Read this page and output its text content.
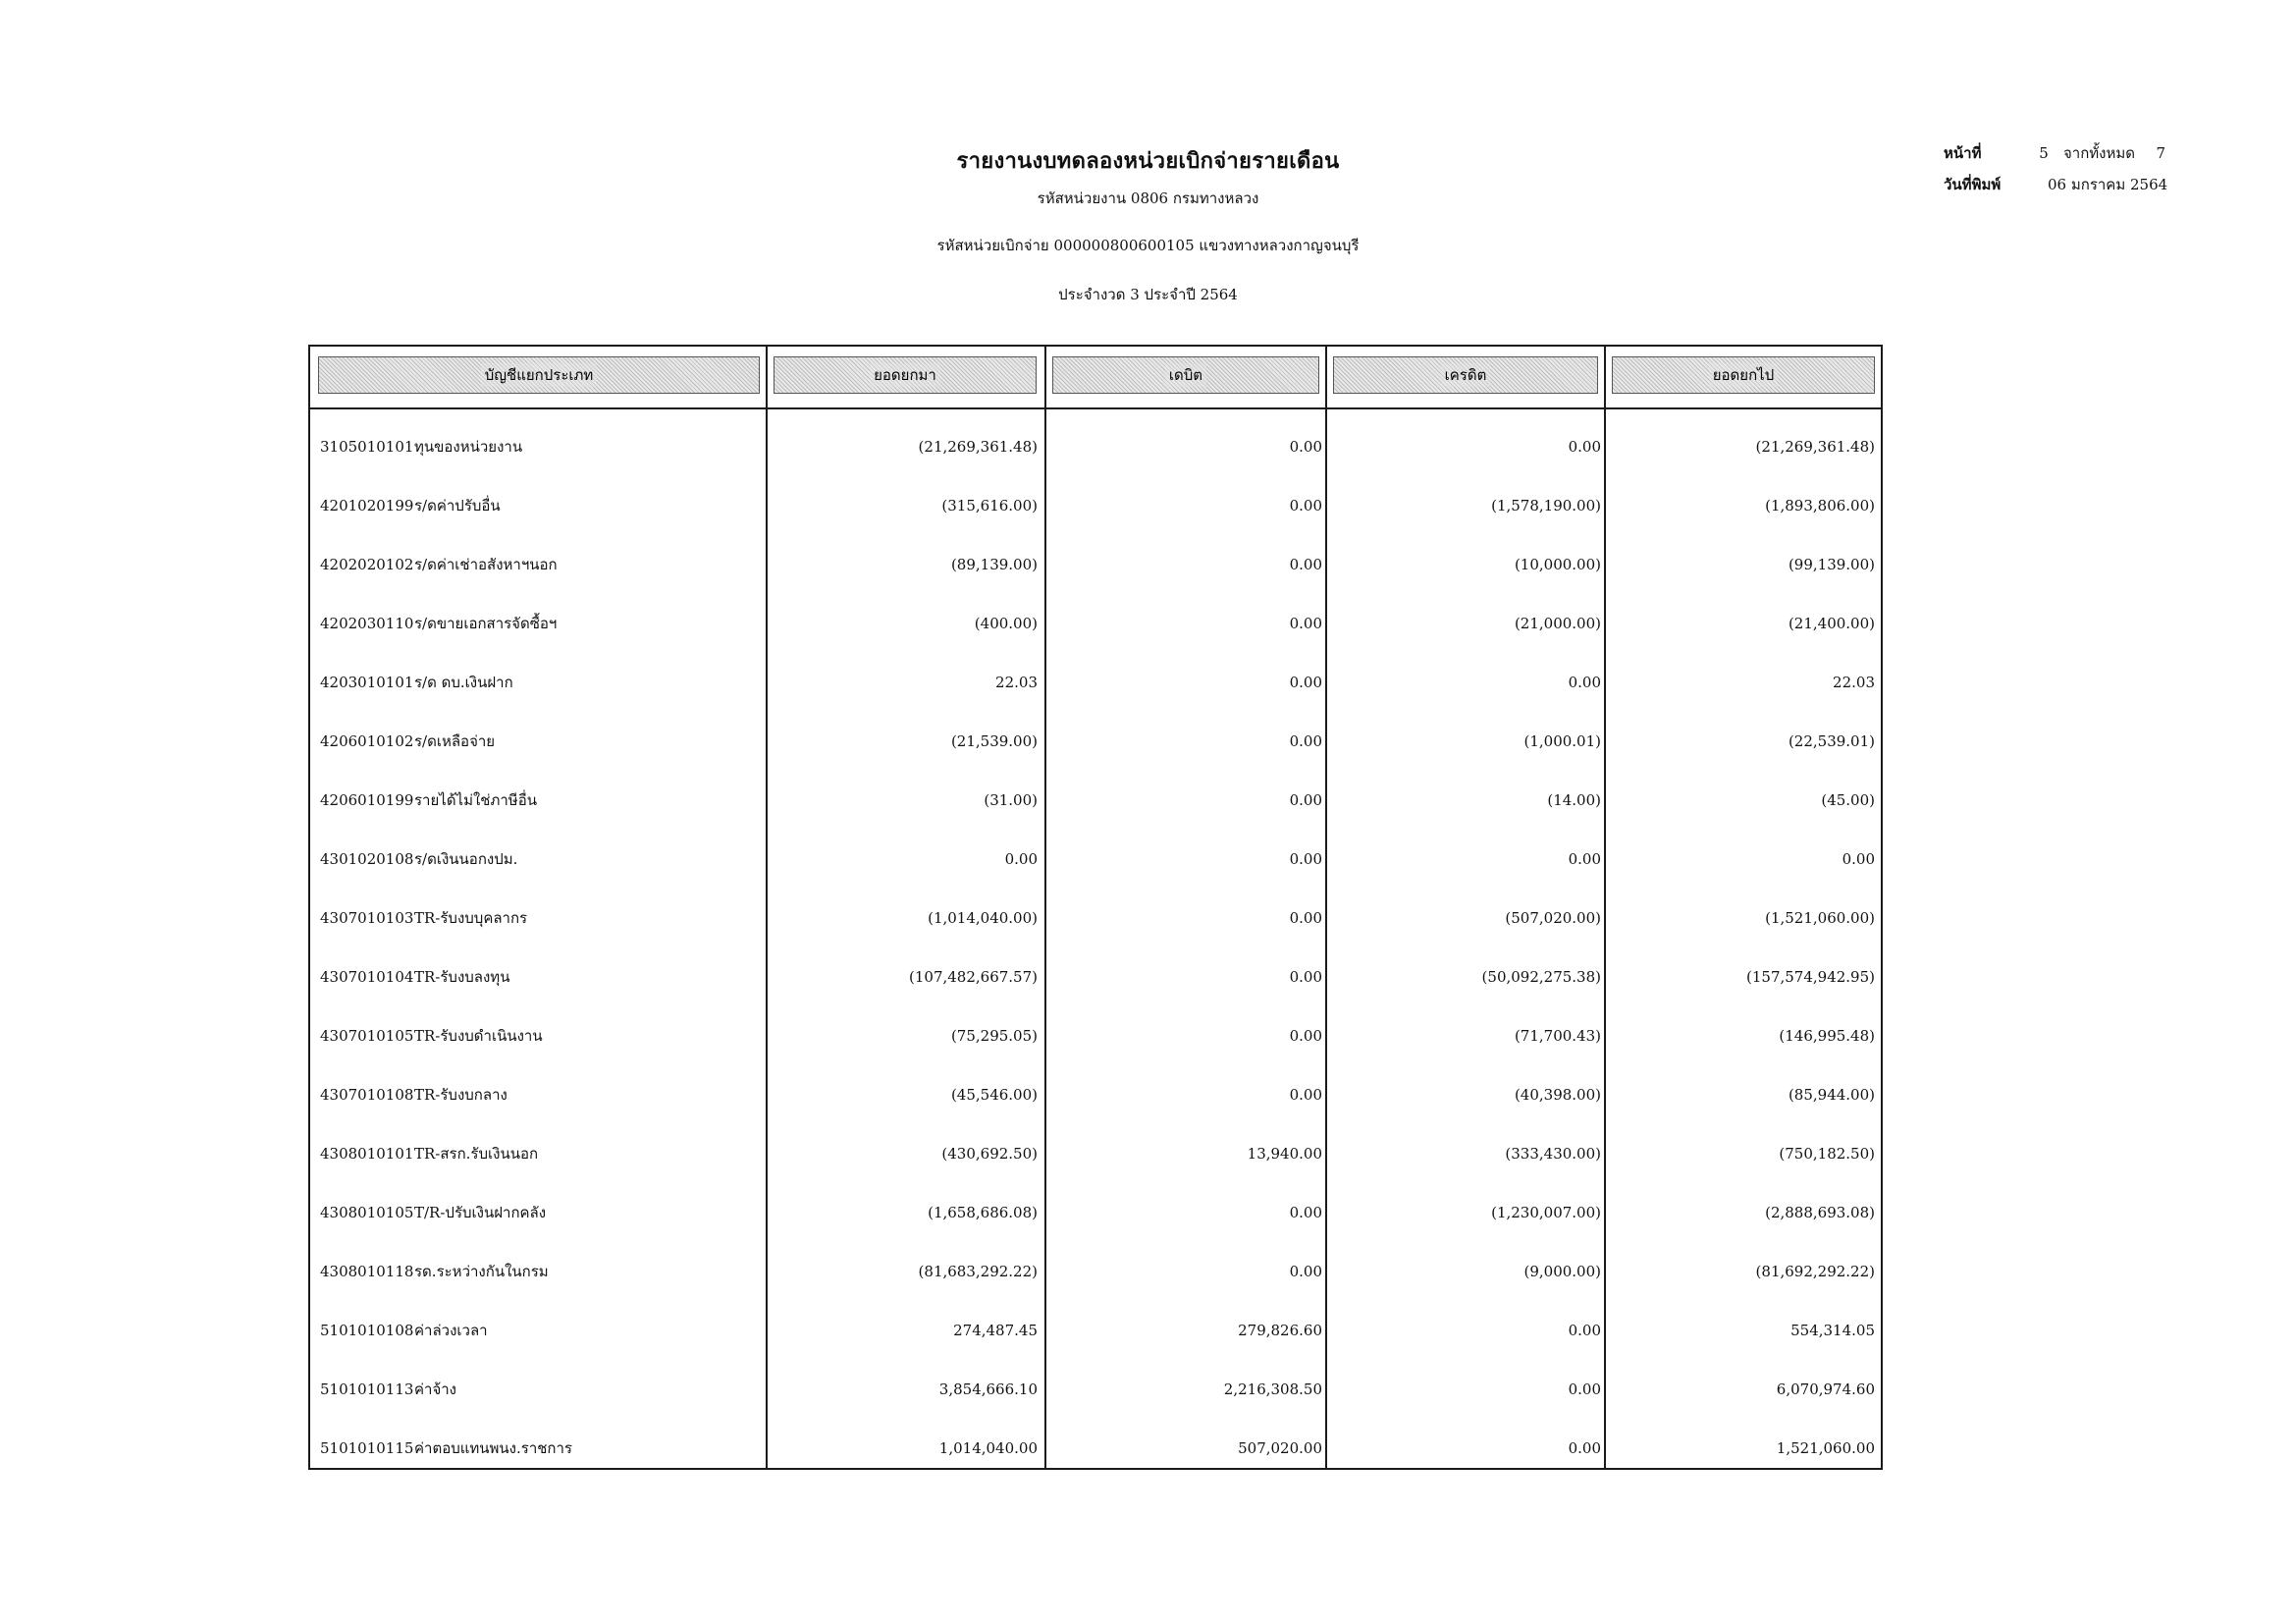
รายงานงบทดลองหน่วยเบิกจ่ายรายเดือน
รหัสหน่วยงาน 0806 กรมทางหลวง
รหัสหน่วยเบิกจ่าย 000000800600105 แขวงทางหลวงกาญจนบุรี
ประจำงวด 3 ประจำปี 2564
หน้าที่	5 จากทั้งหมด 7
วันที่พิมพ์	06 มกราคม 2564
บัญชีแยกประเภท	ยอดยกมา	เดบิต	เครดิต	ยอดยกไป
3105010101 ทุนของหน่วยงาน	(21,269,361.48)	0.00	0.00	(21,269,361.48)
4201020199 ร/ดค่าปรับอื่น	(315,616.00)	0.00	(1,578,190.00)	(1,893,806.00)
4202020102 ร/ดค่าเช่าอสังหาฯนอก	(89,139.00)	0.00	(10,000.00)	(99,139.00)
4202030110 ร/ดขายเอกสารจัดซื้อฯ	(400.00)	0.00	(21,000.00)	(21,400.00)
4203010101 ร/ด ดบ.เงินฝาก	22.03	0.00	0.00	22.03
4206010102 ร/ดเหลือจ่าย	(21,539.00)	0.00	(1,000.01)	(22,539.01)
4206010199 รายได้ไม่ใช่ภาษีอื่น	(31.00)	0.00	(14.00)	(45.00)
4301020108 ร/ดเงินนอกงปม.	0.00	0.00	0.00	0.00
4307010103 TR-รับงบบุคลากร	(1,014,040.00)	0.00	(507,020.00)	(1,521,060.00)
4307010104 TR-รับงบลงทุน	(107,482,667.57)	0.00	(50,092,275.38)	(157,574,942.95)
4307010105 TR-รับงบดำเนินงาน	(75,295.05)	0.00	(71,700.43)	(146,995.48)
4307010108 TR-รับงบกลาง	(45,546.00)	0.00	(40,398.00)	(85,944.00)
4308010101 TR-สรก.รับเงินนอก	(430,692.50)	13,940.00	(333,430.00)	(750,182.50)
4308010105 T/R-ปรับเงินฝากคลัง	(1,658,686.08)	0.00	(1,230,007.00)	(2,888,693.08)
4308010118 รด.ระหว่างกันในกรม	(81,683,292.22)	0.00	(9,000.00)	(81,692,292.22)
5101010108 ค่าล่วงเวลา	274,487.45	279,826.60	0.00	554,314.05
5101010113 ค่าจ้าง	3,854,666.10	2,216,308.50	0.00	6,070,974.60
5101010115 ค่าตอบแทนพนง.ราชการ	1,014,040.00	507,020.00	0.00	1,521,060.00
